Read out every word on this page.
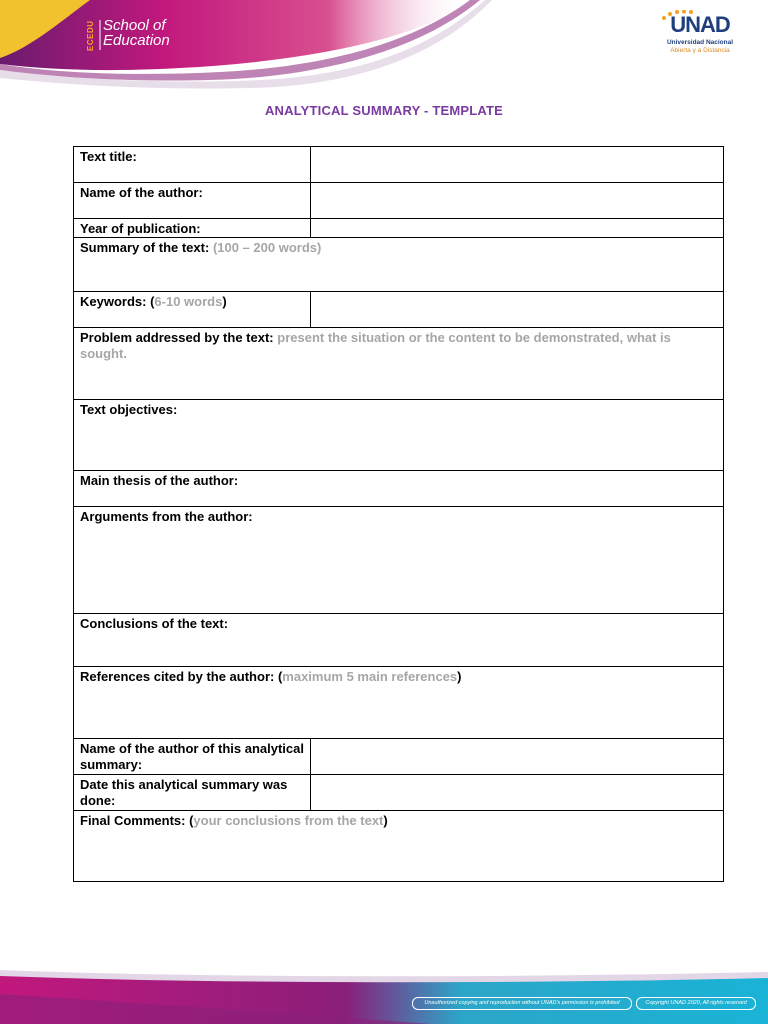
ECEDU School of
Education
UNAD
Universidad Nacional
Abierta y a Distancia
ANALYTICAL SUMMARY - TEMPLATE
Text title:	
Name of the author:	
Year of publication:	
Summary of the text: (100 – 200 words)	
Keywords: (6-10 words)	
Problem addressed by the text: present the situation or the content to be demonstrated, what is sought.	
Text objectives:	
Main thesis of the author:	
Arguments from the author:	
Conclusions of the text:	
References cited by the author: (maximum 5 main references)	
Name of the author of this analytical summary:	
Date this analytical summary was done:	
Final Comments: (your conclusions from the text)	
Unauthorized copying and reproduction without UNAD's permission is prohibited	Copyright UNAD 2020, All rights reserved
